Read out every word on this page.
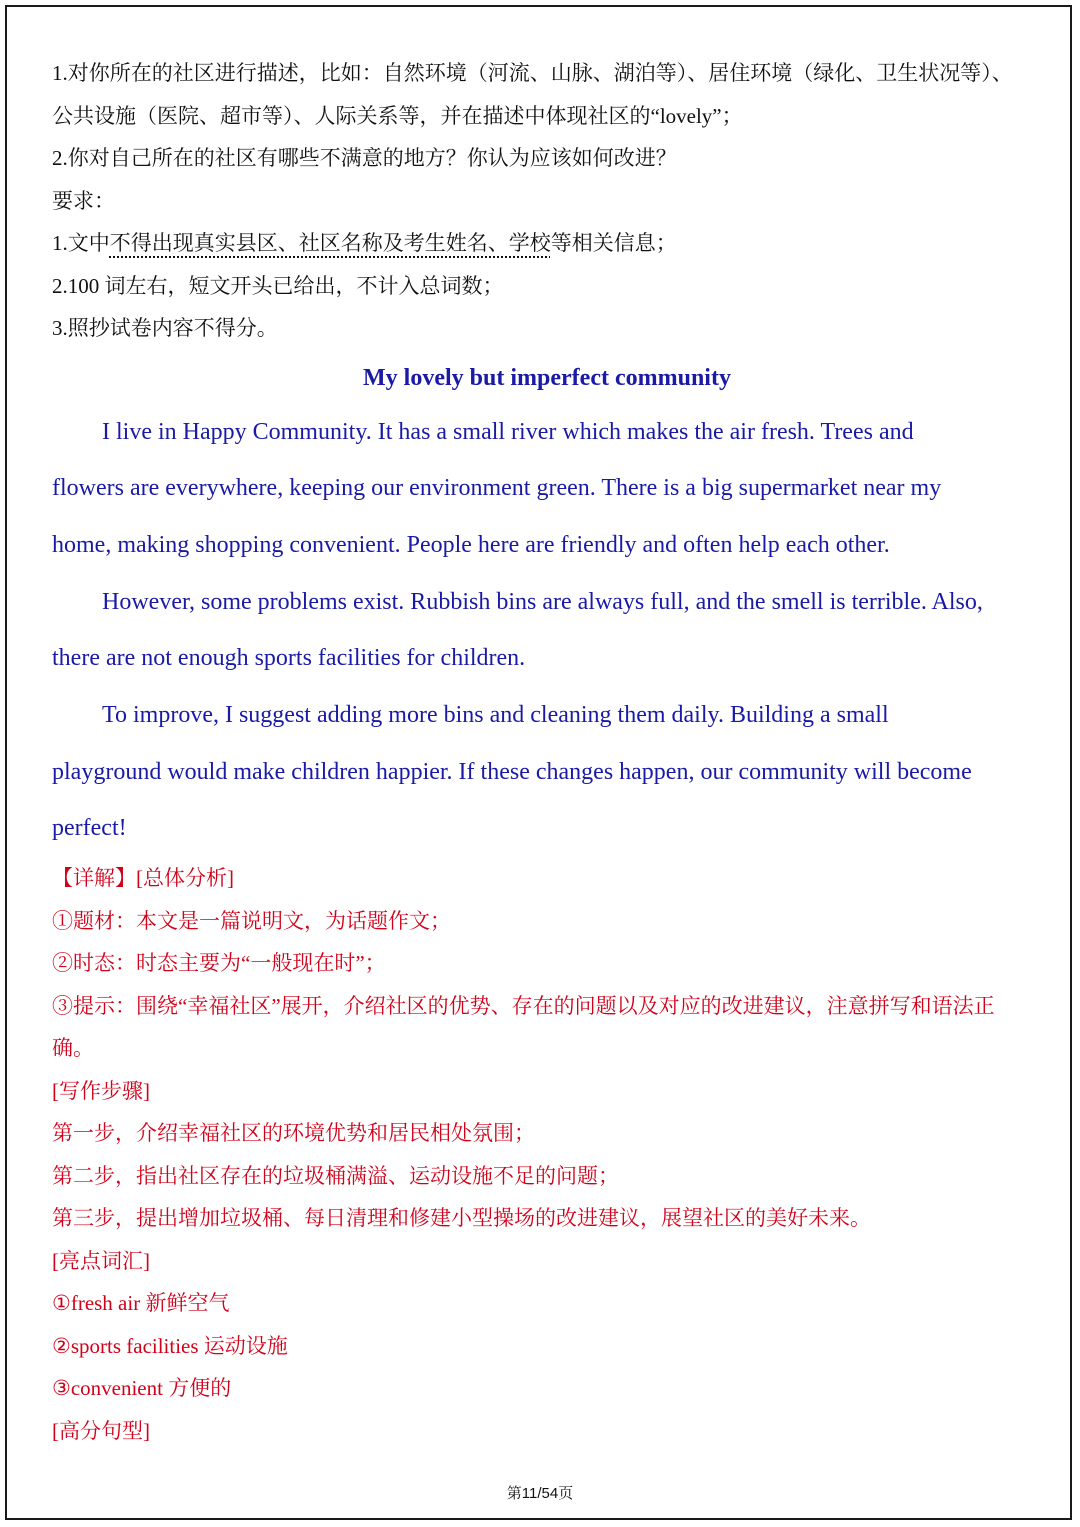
1.对你所在的社区进行描述，比如：自然环境（河流、山脉、湖泊等）、居住环境（绿化、卫生状况等）、
公共设施（医院、超市等）、人际关系等，并在描述中体现社区的“lovely”；
2.你对自己所在的社区有哪些不满意的地方？你认为应该如何改进？
要求：
1.文中不得出现真实县区、社区名称及考生姓名、学校等相关信息；
2.100 词左右，短文开头已给出，不计入总词数；
3.照抄试卷内容不得分。
My lovely but imperfect community
I live in Happy Community. It has a small river which makes the air fresh. Trees and
flowers are everywhere, keeping our environment green. There is a big supermarket near my
home, making shopping convenient. People here are friendly and often help each other.
However, some problems exist. Rubbish bins are always full, and the smell is terrible. Also,
there are not enough sports facilities for children.
To improve, I suggest adding more bins and cleaning them daily. Building a small
playground would make children happier. If these changes happen, our community will become
perfect!
【详解】[总体分析]
①题材：本文是一篇说明文，为话题作文；
②时态：时态主要为“一般现在时”；
③提示：围绕“幸福社区”展开，介绍社区的优势、存在的问题以及对应的改进建议，注意拼写和语法正
确。
[写作步骤]
第一步，介绍幸福社区的环境优势和居民相处氛围；
第二步，指出社区存在的垃圾桶满溢、运动设施不足的问题；
第三步，提出增加垃圾桶、每日清理和修建小型操场的改进建议，展望社区的美好未来。
[亮点词汇]
①fresh air 新鲜空气
②sports facilities 运动设施
③convenient 方便的
[高分句型]
第11/54页
